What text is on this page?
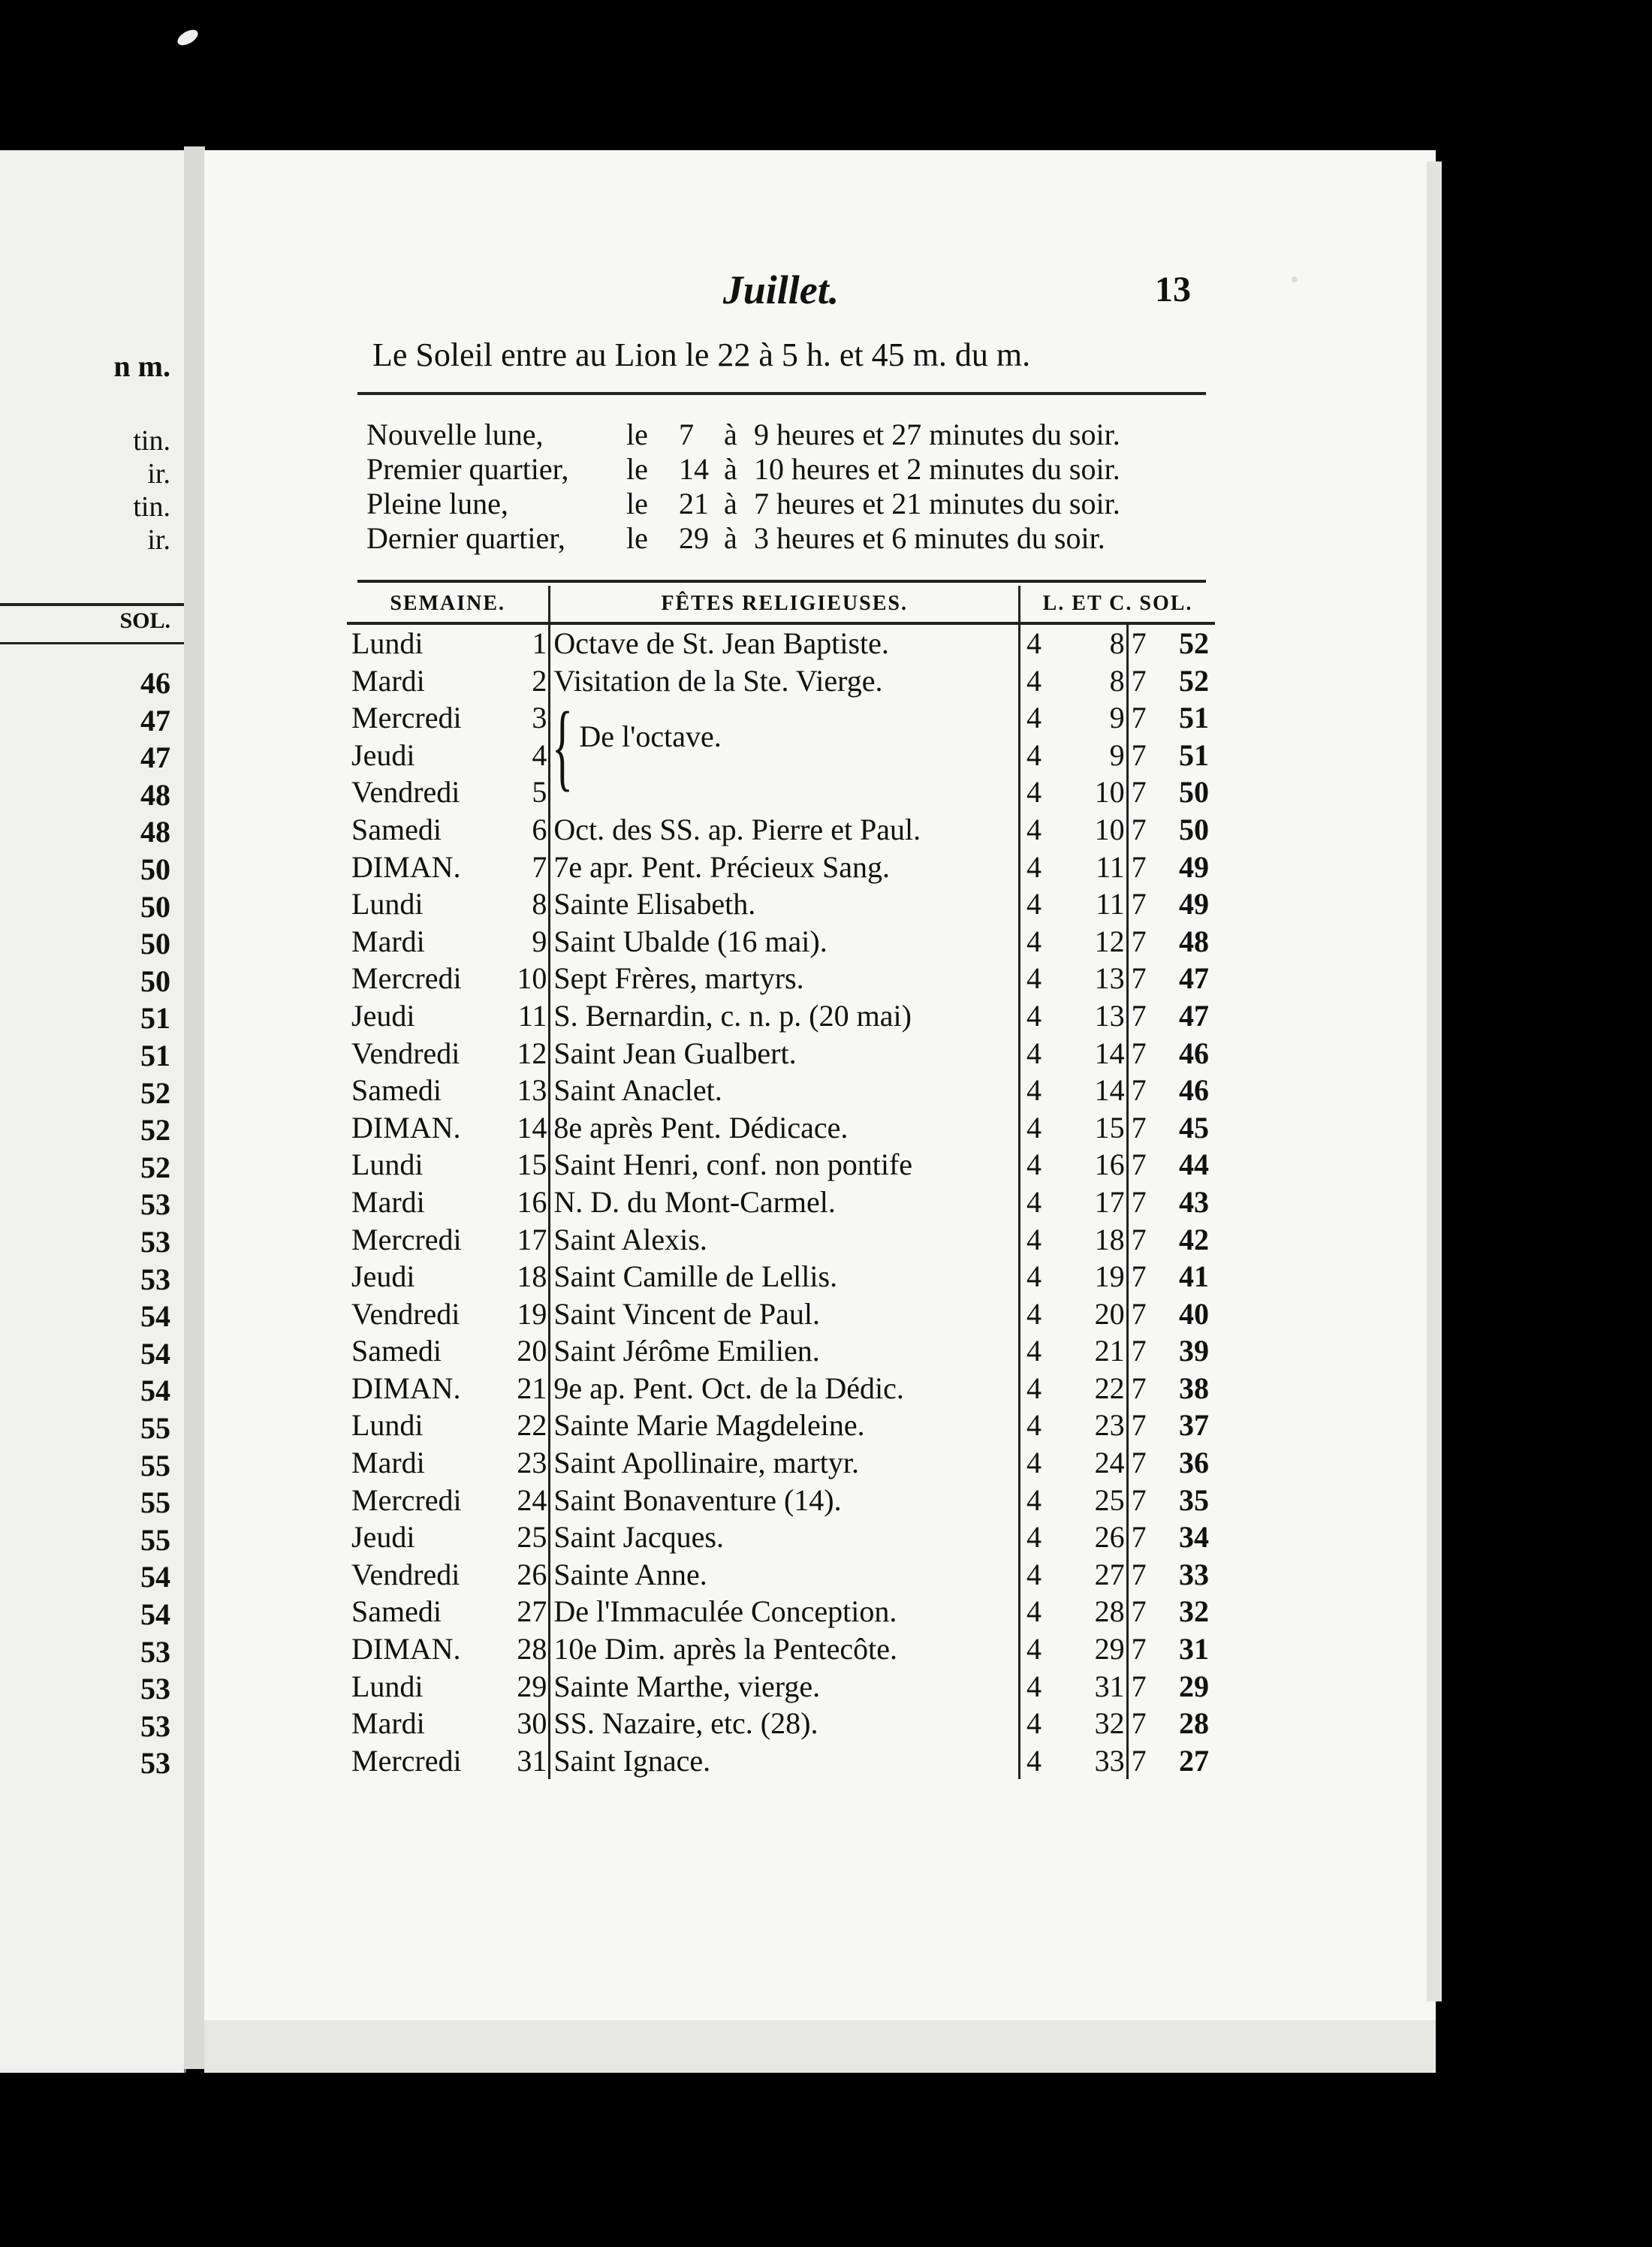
n m.
tin.
ir.
tin.
ir.
SOL.
46
47
47
48
48
50
50
50
50
51
51
52
52
52
53
53
53
54
54
54
55
55
55
55
54
54
53
53
53
53
Juillet.	13
Le Soleil entre au Lion le 22 à 5 h. et 45 m. du m.
Nouvelle lune,	le	7	à 9 heures et 27 minutes du soir.
Premier quartier,	le	14 à 10 heures et 2 minutes du soir.
Pleine lune,	le	21 à 7 heures et 21 minutes du soir.
Dernier quartier,	le	29 à 3 heures et 6 minutes du soir.
SEMAINE.		FÊTES RELIGIEUSES.	L. ET C. SOL.			
Lundi	1	Octave de St. Jean Baptiste.	4	8	7	52
Mardi	2	Visitation de la Ste. Vierge.	4	8	7	52
Mercredi	3		4	9	7	51
Jeudi	4	{ De l'octave.	4	9	7	51
Vendredi	5		4	10	7	50
Samedi	6	Oct. des SS. ap. Pierre et Paul.	4	10	7	50
DIMAN.	7	7e apr. Pent. Précieux Sang.	4	11	7	49
Lundi	8	Sainte Elisabeth.	4	11	7	49
Mardi	9	Saint Ubalde (16 mai).	4	12	7	48
Mercredi	10	Sept Frères, martyrs.	4	13	7	47
Jeudi	11	S. Bernardin, c. n. p. (20 mai)	4	13	7	47
Vendredi	12	Saint Jean Gualbert.	4	14	7	46
Samedi	13	Saint Anaclet.	4	14	7	46
DIMAN.	14	8e après Pent. Dédicace.	4	15	7	45
Lundi	15	Saint Henri, conf. non pontife	4	16	7	44
Mardi	16	N. D. du Mont-Carmel.	4	17	7	43
Mercredi	17	Saint Alexis.	4	18	7	42
Jeudi	18	Saint Camille de Lellis.	4	19	7	41
Vendredi	19	Saint Vincent de Paul.	4	20	7	40
Samedi	20	Saint Jérôme Emilien.	4	21	7	39
DIMAN.	21	9e ap. Pent. Oct. de la Dédic.	4	22	7	38
Lundi	22	Sainte Marie Magdeleine.	4	23	7	37
Mardi	23	Saint Apollinaire, martyr.	4	24	7	36
Mercredi	24	Saint Bonaventure (14).	4	25	7	35
Jeudi	25	Saint Jacques.	4	26	7	34
Vendredi	26	Sainte Anne.	4	27	7	33
Samedi	27	De l'Immaculée Conception.	4	28	7	32
DIMAN.	28	10e Dim. après la Pentecôte.	4	29	7	31
Lundi	29	Sainte Marthe, vierge.	4	31	7	29
Mardi	30	SS. Nazaire, etc. (28).	4	32	7	28
Mercredi	31	Saint Ignace.	4	33	7	27
